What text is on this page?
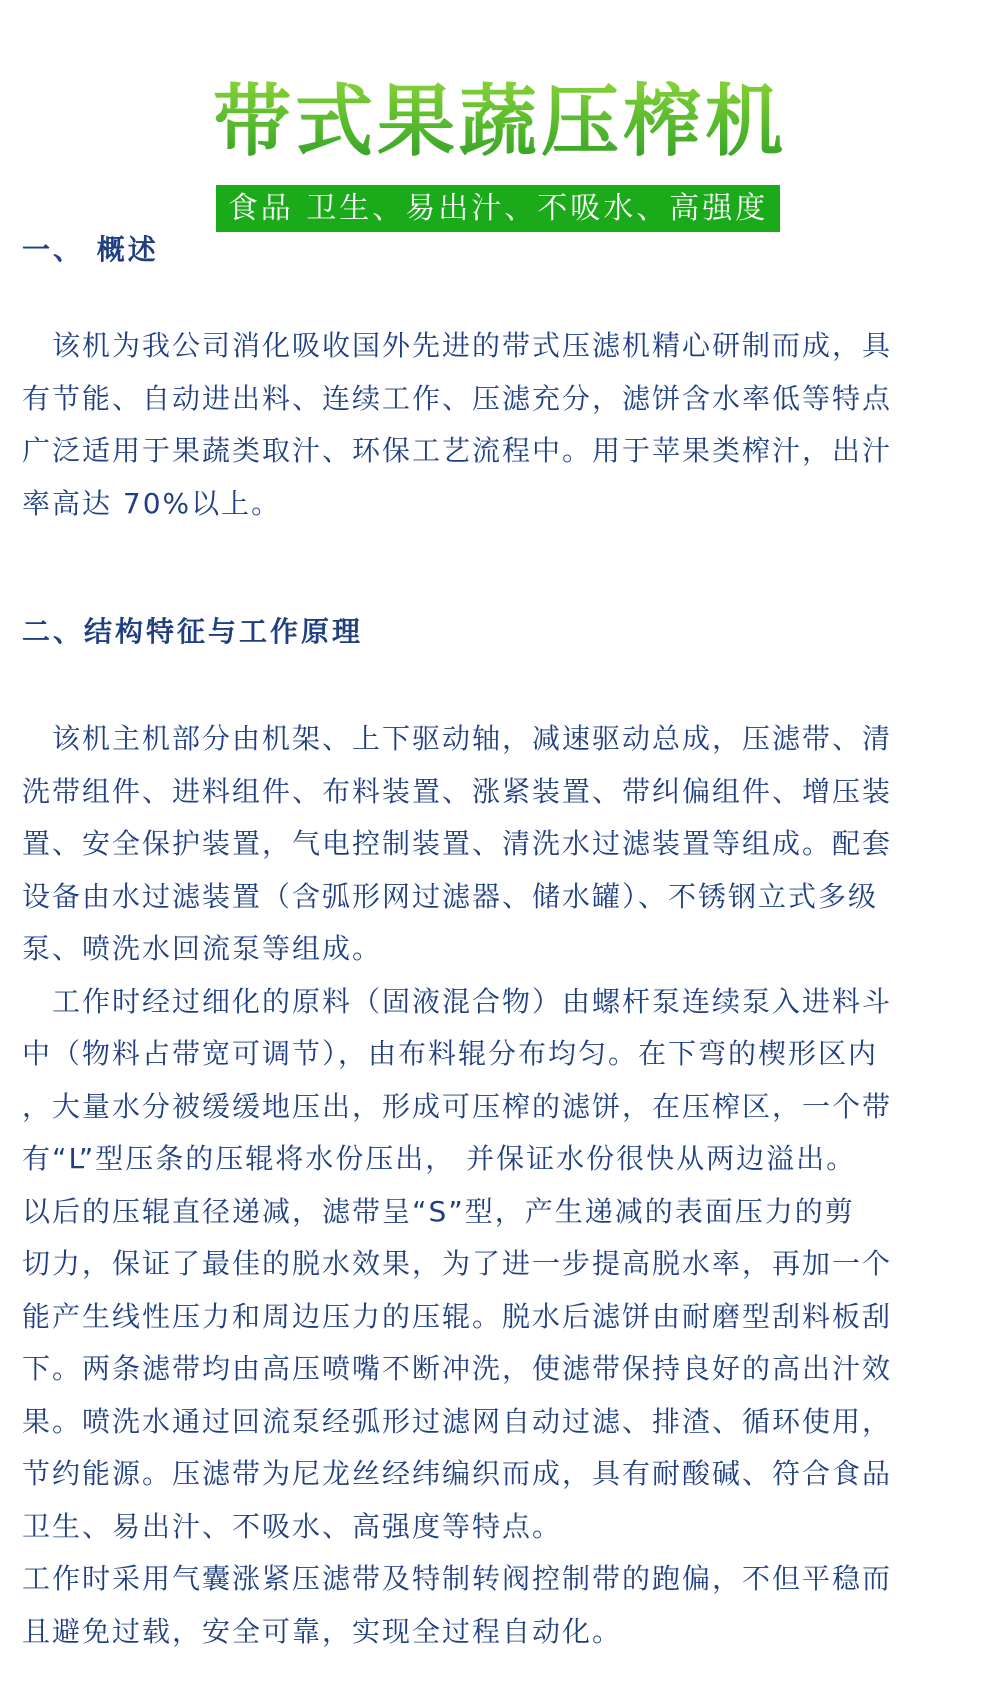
带式果蔬压榨机
食品 卫生、易出汁、不吸水、高强度
一、 概述
　该机为我公司消化吸收国外先进的带式压滤机精心研制而成，具
有节能、自动进出料、连续工作、压滤充分，滤饼含水率低等特点
广泛适用于果蔬类取汁、环保工艺流程中。用于苹果类榨汁，出汁
率高达 70%以上。
二、结构特征与工作原理
　该机主机部分由机架、上下驱动轴，减速驱动总成，压滤带、清
洗带组件、进料组件、布料装置、涨紧装置、带纠偏组件、增压装
置、安全保护装置，气电控制装置、清洗水过滤装置等组成。配套
设备由水过滤装置（含弧形网过滤器、储水罐）、不锈钢立式多级
泵、喷洗水回流泵等组成。
　工作时经过细化的原料（固液混合物）由螺杆泵连续泵入进料斗
中（物料占带宽可调节），由布料辊分布均匀。在下弯的楔形区内
，大量水分被缓缓地压出，形成可压榨的滤饼，在压榨区，一个带
有“L”型压条的压辊将水份压出， 并保证水份很快从两边溢出。
以后的压辊直径递减，滤带呈“S”型，产生递减的表面压力的剪
切力，保证了最佳的脱水效果，为了进一步提高脱水率，再加一个
能产生线性压力和周边压力的压辊。脱水后滤饼由耐磨型刮料板刮
下。两条滤带均由高压喷嘴不断冲洗，使滤带保持良好的高出汁效
果。喷洗水通过回流泵经弧形过滤网自动过滤、排渣、循环使用，
节约能源。压滤带为尼龙丝经纬编织而成，具有耐酸碱、符合食品
卫生、易出汁、不吸水、高强度等特点。
工作时采用气囊涨紧压滤带及特制转阀控制带的跑偏，不但平稳而
且避免过载，安全可靠，实现全过程自动化。
